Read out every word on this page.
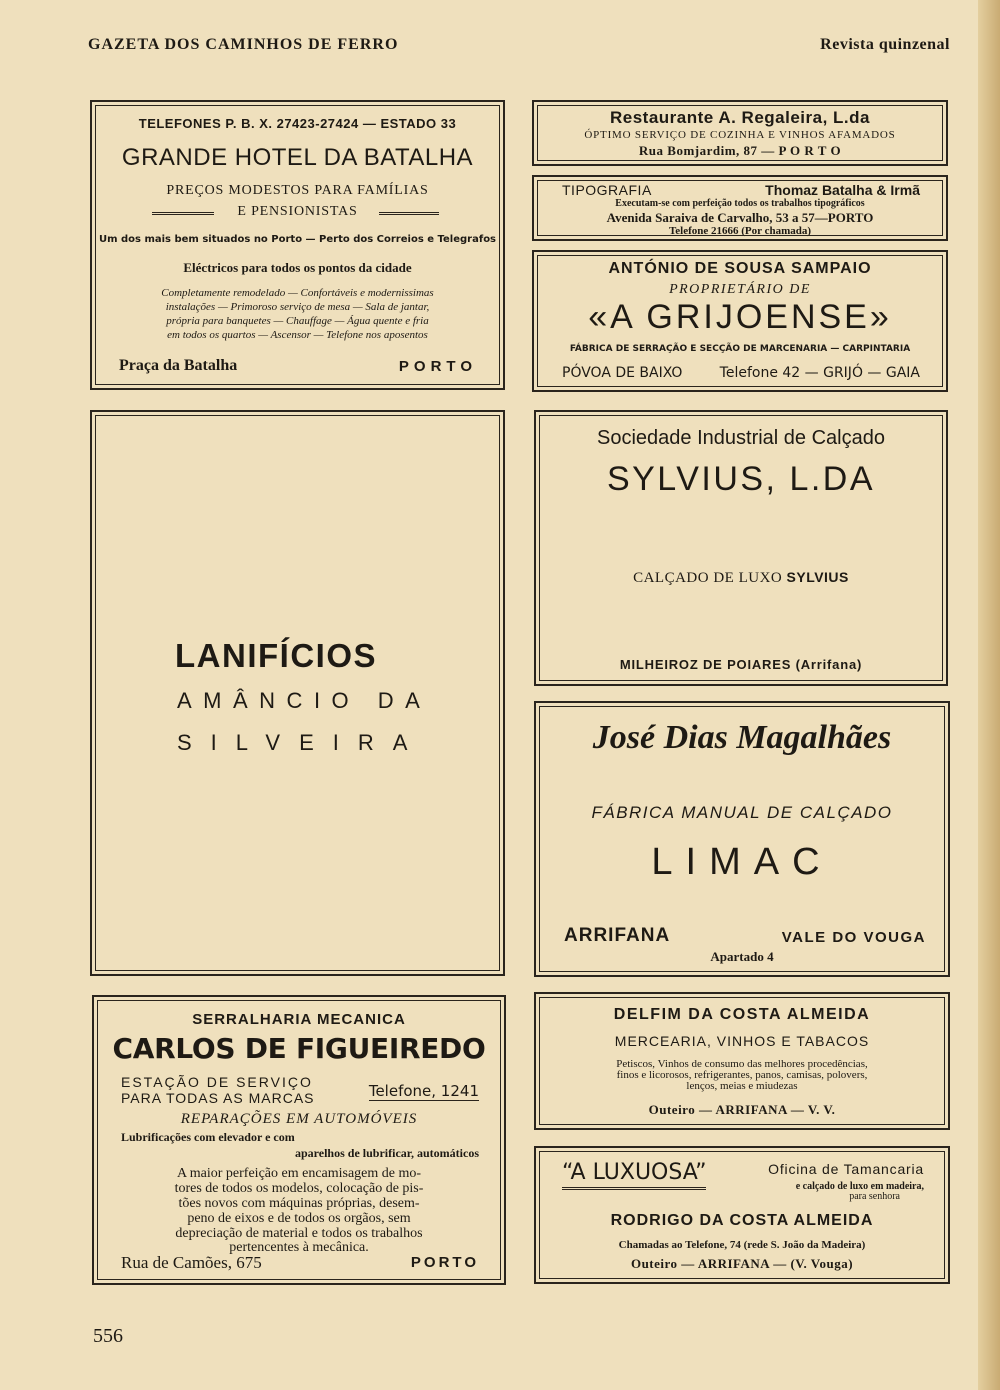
GAZETA DOS CAMINHOS DE FERRO	Revista quinzenal
TELEFONES P. B. X. 27423-27424 — ESTADO 33
GRANDE HOTEL DA BATALHA
PREÇOS MODESTOS PARA FAMÍLIAS
E PENSIONISTAS
Um dos mais bem situados no Porto — Perto dos Correios e Telegrafos
Eléctricos para todos os pontos da cidade
Completamente remodelado — Confortáveis e modernissimas
instalações — Primoroso serviço de mesa — Sala de jantar,
própria para banquetes — Chauffage — Água quente e fria
em todos os quartos — Ascensor — Telefone nos aposentos
Praça da Batalha	PORTO
Restaurante A. Regaleira, L.da
ÓPTIMO SERVIÇO DE COZINHA E VINHOS AFAMADOS
Rua Bomjardim, 87 — P O R T O
TIPOGRAFIA	Thomaz Batalha & Irmã
Executam-se com perfeição todos os trabalhos tipográficos
Avenida Saraiva de Carvalho, 53 a 57—PORTO
Telefone 21666 (Por chamada)
ANTÓNIO DE SOUSA SAMPAIO
PROPRIETÁRIO DE
«A GRIJOENSE»
FÁBRICA DE SERRAÇÃO E SECÇÃO DE MARCENARIA — CARPINTARIA
PÓVOA DE BAIXO	Telefone 42 — GRIJÓ — GAIA
LANIFÍCIOS
AMÂNCIO DA
SILVEIRA
Sociedade Industrial de Calçado
SYLVIUS, L.DA
CALÇADO DE LUXO SYLVIUS
MILHEIROZ DE POIARES (Arrifana)
José Dias Magalhães
FÁBRICA MANUAL DE CALÇADO
LIMAC
ARRIFANA	VALE DO VOUGA
Apartado 4
SERRALHARIA MECANICA
CARLOS DE FIGUEIREDO
ESTAÇÃO DE SERVIÇO
PARA TODAS AS MARCAS	Telefone, 1241
REPARAÇÕES EM AUTOMÓVEIS
Lubrificações com elevador e com
aparelhos de lubrificar, automáticos
A maior perfeição em encamisagem de mo-
tores de todos os modelos, colocação de pis-
tões novos com máquinas próprias, desem-
peno de eixos e de todos os orgãos, sem
depreciação de material e todos os trabalhos
pertencentes à mecânica.
Rua de Camões, 675	PORTO
DELFIM DA COSTA ALMEIDA
MERCEARIA, VINHOS E TABACOS
Petiscos, Vinhos de consumo das melhores procedências,
finos e licorosos, refrigerantes, panos, camisas, polovers,
lenços, meias e miudezas
Outeiro — ARRIFANA — V. V.
“A LUXUOSA”	Oficina de Tamancaria
e calçado de luxo em madeira,
para senhora
RODRIGO DA COSTA ALMEIDA
Chamadas ao Telefone, 74 (rede S. João da Madeira)
Outeiro — ARRIFANA — (V. Vouga)
556
